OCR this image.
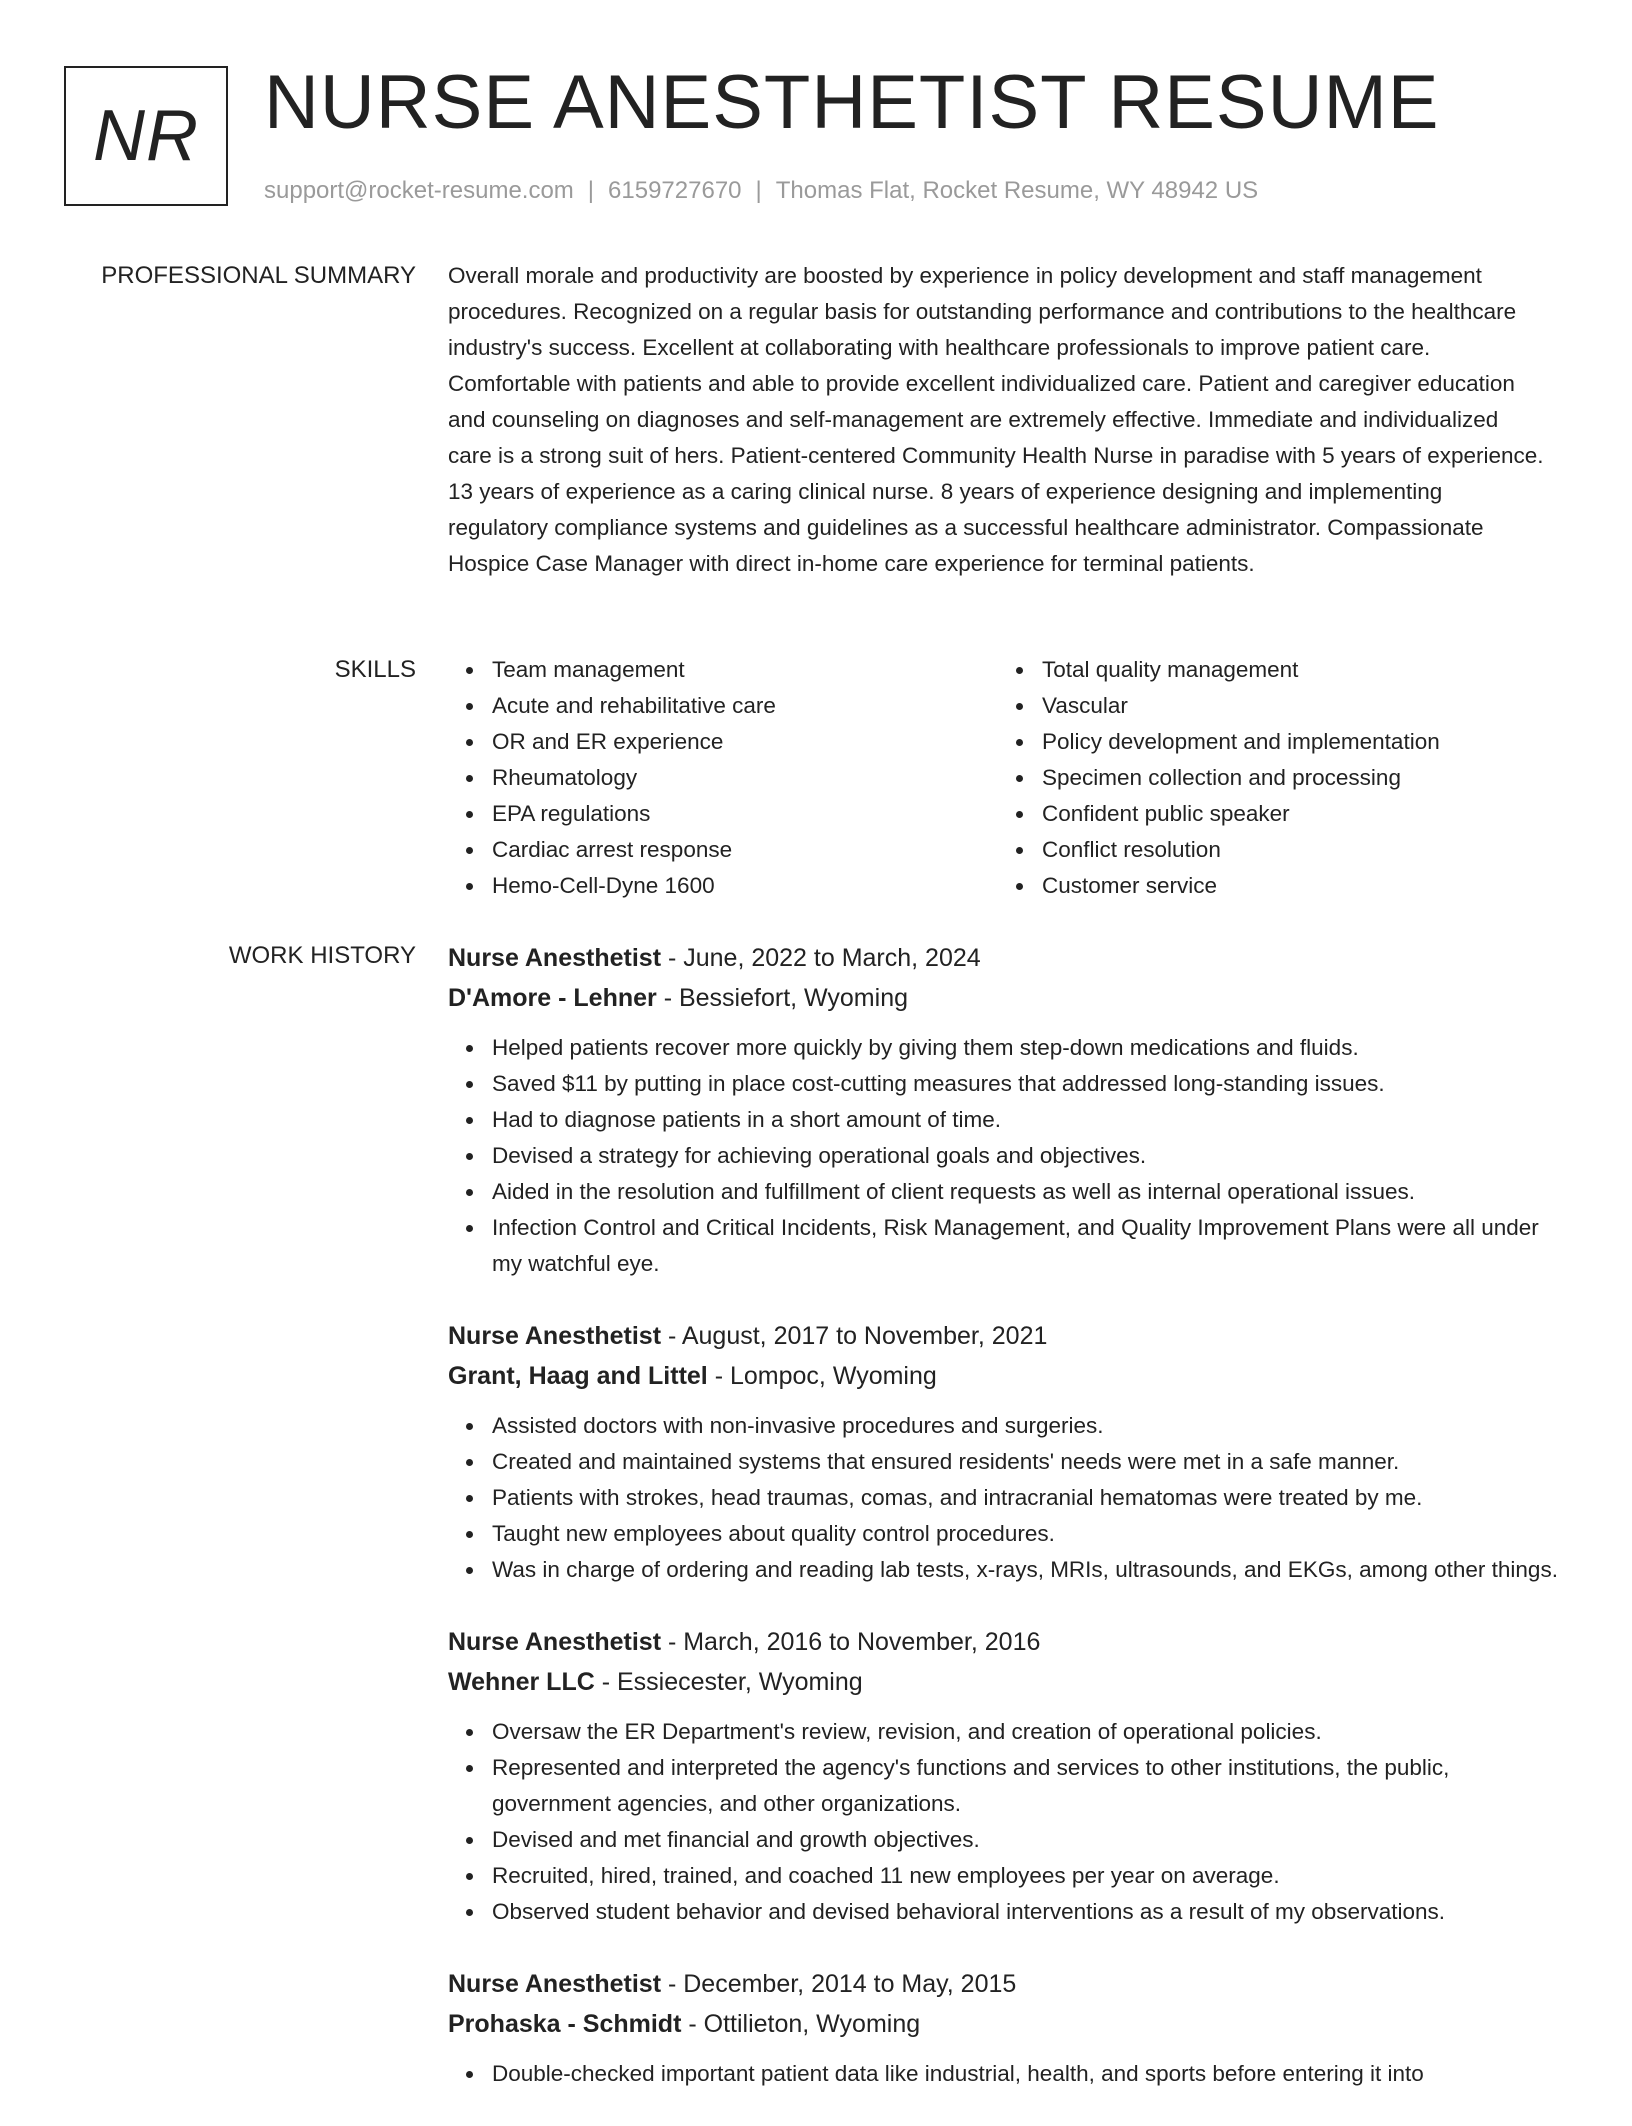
NR NURSE ANESTHETIST RESUME
support@rocket-resume.com | 6159727670 | Thomas Flat, Rocket Resume, WY 48942 US
PROFESSIONAL SUMMARY Overall morale and productivity are boosted by experience in policy development and staff management procedures. Recognized on a regular basis for outstanding performance and contributions to the healthcare industry's success. Excellent at collaborating with healthcare professionals to improve patient care. Comfortable with patients and able to provide excellent individualized care. Patient and caregiver education and counseling on diagnoses and self-management are extremely effective. Immediate and individualized care is a strong suit of hers. Patient-centered Community Health Nurse in paradise with 5 years of experience. 13 years of experience as a caring clinical nurse. 8 years of experience designing and implementing regulatory compliance systems and guidelines as a successful healthcare administrator. Compassionate Hospice Case Manager with direct in-home care experience for terminal patients.

SKILLS	Team management
Acute and rehabilitative care
OR and ER experience
Rheumatology
EPA regulations
Cardiac arrest response
Hemo-Cell-Dyne 1600
Total quality management
Vascular
Policy development and implementation
Specimen collection and processing
Confident public speaker
Conflict resolution
Customer service
WORK HISTORY Nurse Anesthetist - June, 2022 to March, 2024
D'Amore - Lehner - Bessiefort, Wyoming
Helped patients recover more quickly by giving them step-down medications and fluids.
Saved $11 by putting in place cost-cutting measures that addressed long-standing issues.
Had to diagnose patients in a short amount of time.
Devised a strategy for achieving operational goals and objectives.
Aided in the resolution and fulfillment of client requests as well as internal operational issues.
Infection Control and Critical Incidents, Risk Management, and Quality Improvement Plans were all under my watchful eye.
Nurse Anesthetist - August, 2017 to November, 2021
Grant, Haag and Littel - Lompoc, Wyoming
Assisted doctors with non-invasive procedures and surgeries.
Created and maintained systems that ensured residents' needs were met in a safe manner.
Patients with strokes, head traumas, comas, and intracranial hematomas were treated by me.
Taught new employees about quality control procedures.
Was in charge of ordering and reading lab tests, x-rays, MRIs, ultrasounds, and EKGs, among other things.
Nurse Anesthetist - March, 2016 to November, 2016
Wehner LLC - Essiecester, Wyoming
Oversaw the ER Department's review, revision, and creation of operational policies.
Represented and interpreted the agency's functions and services to other institutions, the public, government agencies, and other organizations.
Devised and met financial and growth objectives.
Recruited, hired, trained, and coached 11 new employees per year on average.
Observed student behavior and devised behavioral interventions as a result of my observations.
Nurse Anesthetist - December, 2014 to May, 2015
Prohaska - Schmidt - Ottilieton, Wyoming
Double-checked important patient data like industrial, health, and sports before entering it into
